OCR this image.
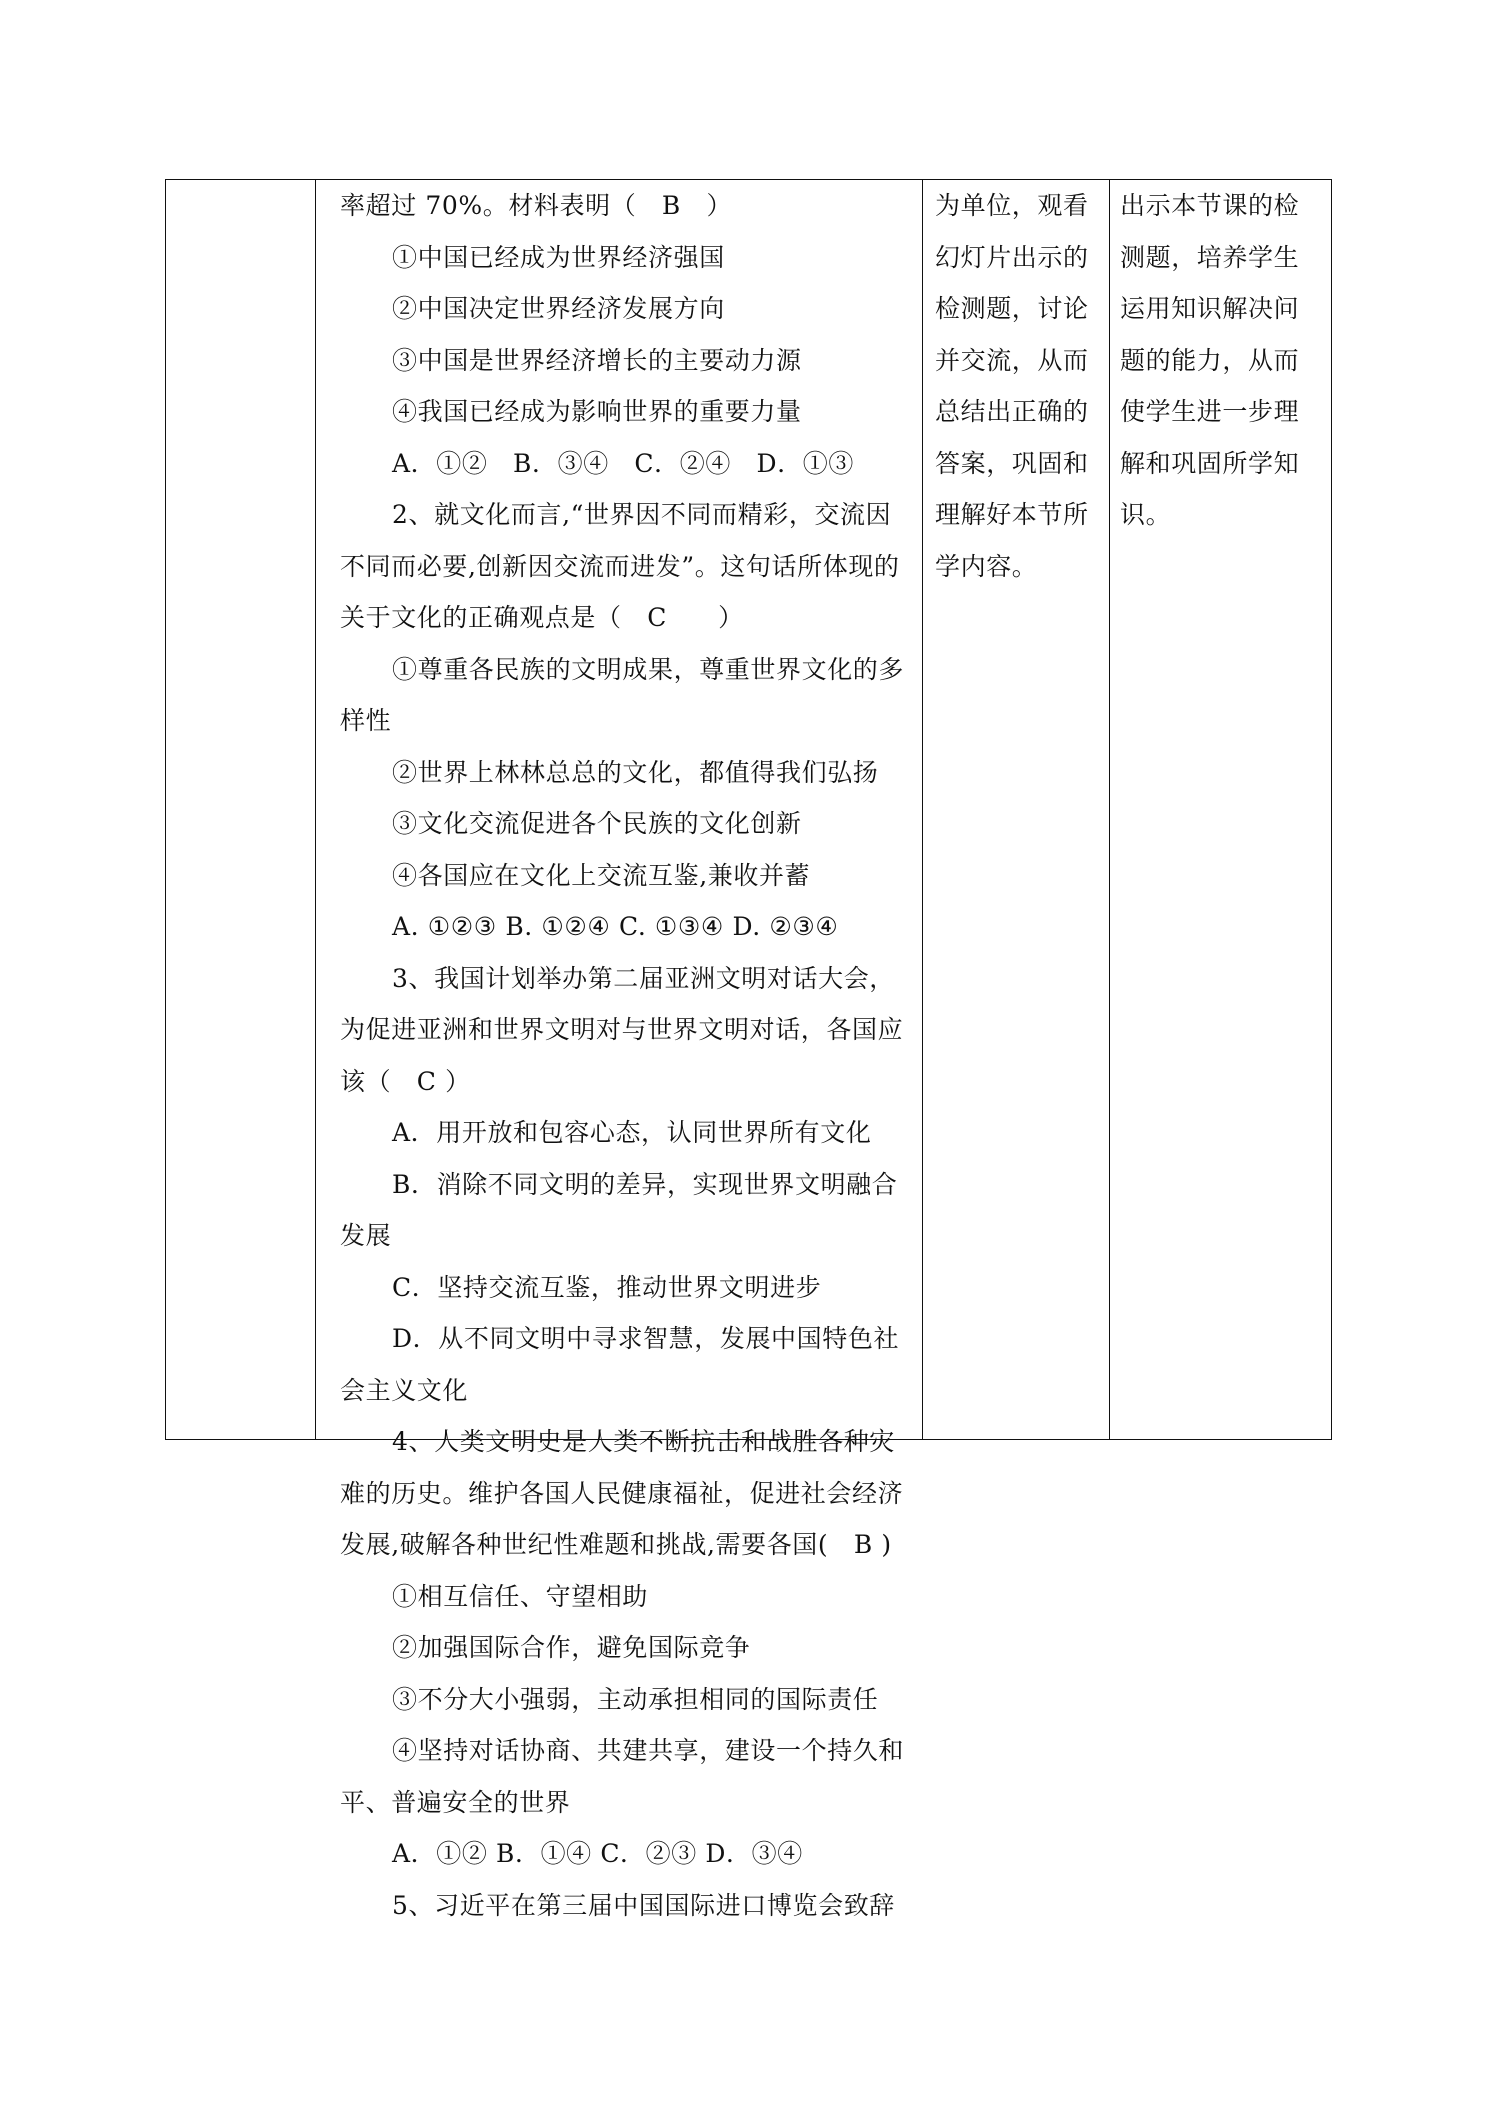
率超过 70%。材料表明（　B　）
①中国已经成为世界经济强国
②中国决定世界经济发展方向
③中国是世界经济增长的主要动力源
④我国已经成为影响世界的重要力量
A．①②　B．③④　C．②④　D．①③
2、就文化而言,“世界因不同而精彩，交流因
不同而必要,创新因交流而进发”。这句话所体现的
关于文化的正确观点是（　C　　）
①尊重各民族的文明成果，尊重世界文化的多
样性
②世界上林林总总的文化，都值得我们弘扬
③文化交流促进各个民族的文化创新
④各国应在文化上交流互鉴,兼收并蓄
A. ①②③ B. ①②④ C. ①③④ D. ②③④
3、我国计划举办第二届亚洲文明对话大会，
为促进亚洲和世界文明对与世界文明对话，各国应
该（　C ）
A．用开放和包容心态，认同世界所有文化
B．消除不同文明的差异，实现世界文明融合
发展
C．坚持交流互鉴，推动世界文明进步
D．从不同文明中寻求智慧，发展中国特色社
会主义文化
4、人类文明史是人类不断抗击和战胜各种灾
难的历史。维护各国人民健康福祉，促进社会经济
发展,破解各种世纪性难题和挑战,需要各国(　B )
①相互信任、守望相助
②加强国际合作，避免国际竞争
③不分大小强弱，主动承担相同的国际责任
④坚持对话协商、共建共享，建设一个持久和
平、普遍安全的世界
A．①② B．①④ C．②③ D．③④
5、习近平在第三届中国国际进口博览会致辞
为单位，观看
幻灯片出示的
检测题，讨论
并交流，从而
总结出正确的
答案，巩固和
理解好本节所
学内容。
出示本节课的检
测题，培养学生
运用知识解决问
题的能力，从而
使学生进一步理
解和巩固所学知
识。
